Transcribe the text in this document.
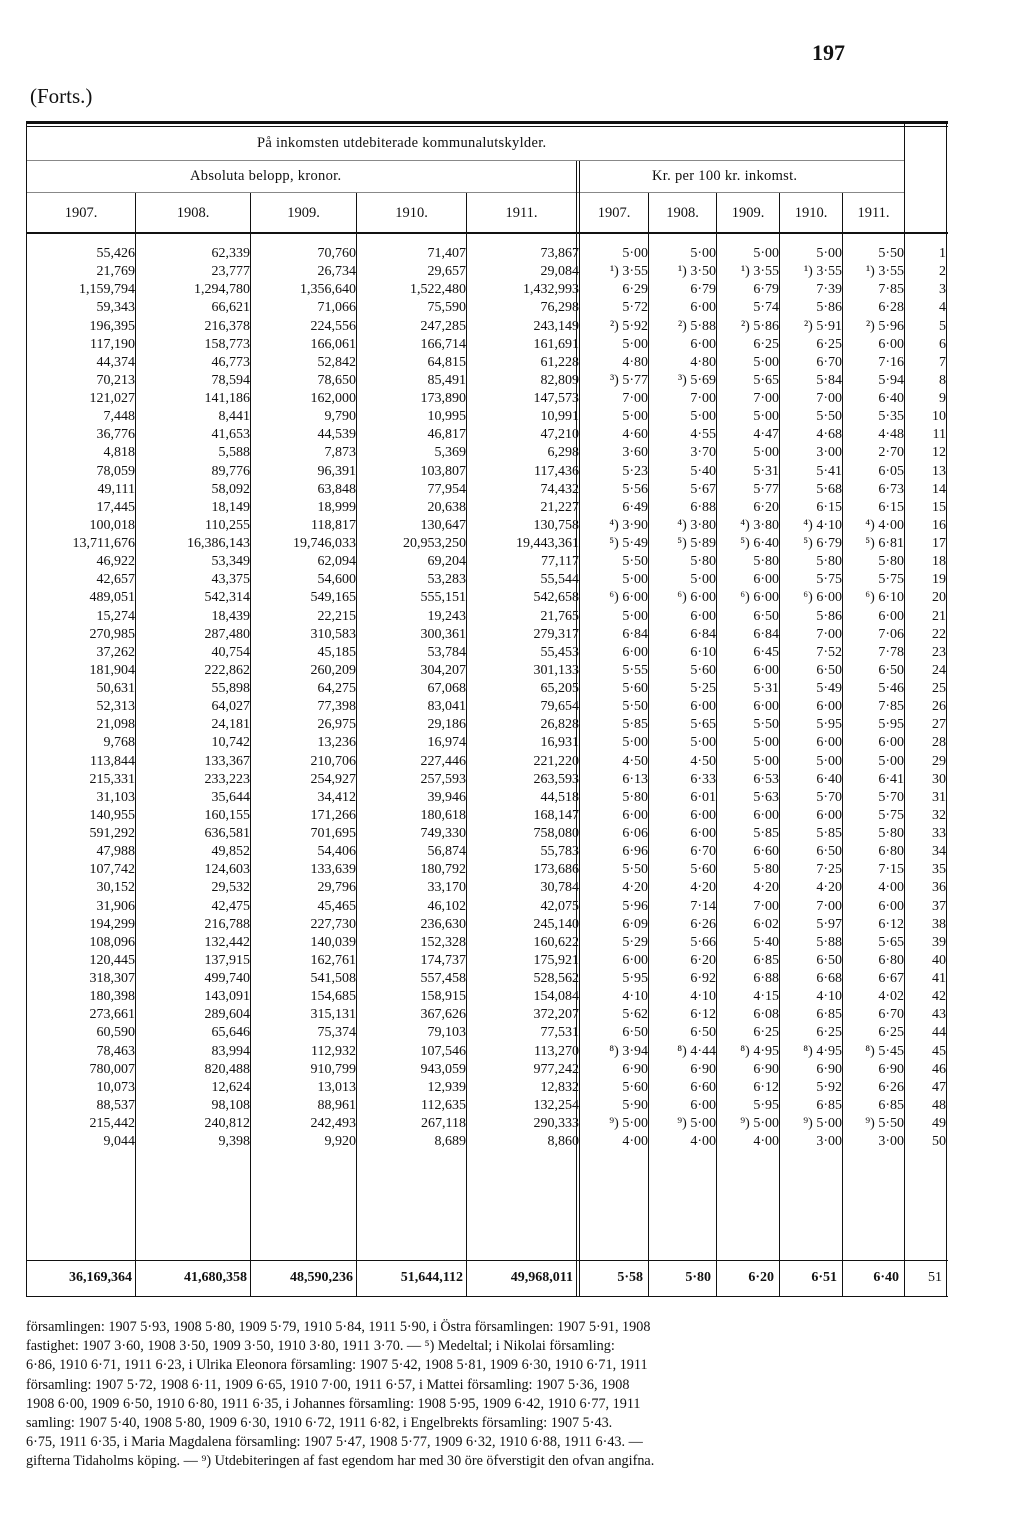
197
(Forts.)
På inkomsten utdebiterade kommunalutskylder.
Absoluta belopp, kronor.	Kr. per 100 kr. inkomst.
1907.	1908.	1909.	1910.	1911.	1907.	1908.	1909.	1910.	1911.
55,426	62,339	70,760	71,407	73,867	5·00	5·00	5·00	5·00	5·50	1
21,769	23,777	26,734	29,657	29,084	¹) 3·55	¹) 3·50	¹) 3·55	¹) 3·55	¹) 3·55	2
1,159,794	1,294,780	1,356,640	1,522,480	1,432,993	6·29	6·79	6·79	7·39	7·85	3
59,343	66,621	71,066	75,590	76,298	5·72	6·00	5·74	5·86	6·28	4
196,395	216,378	224,556	247,285	243,149	²) 5·92	²) 5·88	²) 5·86	²) 5·91	²) 5·96	5
117,190	158,773	166,061	166,714	161,691	5·00	6·00	6·25	6·25	6·00	6
44,374	46,773	52,842	64,815	61,228	4·80	4·80	5·00	6·70	7·16	7
70,213	78,594	78,650	85,491	82,809	³) 5·77	³) 5·69	5·65	5·84	5·94	8
121,027	141,186	162,000	173,890	147,573	7·00	7·00	7·00	7·00	6·40	9
7,448	8,441	9,790	10,995	10,991	5·00	5·00	5·00	5·50	5·35	10
36,776	41,653	44,539	46,817	47,210	4·60	4·55	4·47	4·68	4·48	11
4,818	5,588	7,873	5,369	6,298	3·60	3·70	5·00	3·00	2·70	12
78,059	89,776	96,391	103,807	117,436	5·23	5·40	5·31	5·41	6·05	13
49,111	58,092	63,848	77,954	74,432	5·56	5·67	5·77	5·68	6·73	14
17,445	18,149	18,999	20,638	21,227	6·49	6·88	6·20	6·15	6·15	15
100,018	110,255	118,817	130,647	130,758	⁴) 3·90	⁴) 3·80	⁴) 3·80	⁴) 4·10	⁴) 4·00	16
13,711,676	16,386,143	19,746,033	20,953,250	19,443,361	⁵) 5·49	⁵) 5·89	⁵) 6·40	⁵) 6·79	⁵) 6·81	17
46,922	53,349	62,094	69,204	77,117	5·50	5·80	5·80	5·80	5·80	18
42,657	43,375	54,600	53,283	55,544	5·00	5·00	6·00	5·75	5·75	19
489,051	542,314	549,165	555,151	542,658	⁶) 6·00	⁶) 6·00	⁶) 6·00	⁶) 6·00	⁶) 6·10	20
15,274	18,439	22,215	19,243	21,765	5·00	6·00	6·50	5·86	6·00	21
270,985	287,480	310,583	300,361	279,317	6·84	6·84	6·84	7·00	7·06	22
37,262	40,754	45,185	53,784	55,453	6·00	6·10	6·45	7·52	7·78	23
181,904	222,862	260,209	304,207	301,133	5·55	5·60	6·00	6·50	6·50	24
50,631	55,898	64,275	67,068	65,205	5·60	5·25	5·31	5·49	5·46	25
52,313	64,027	77,398	83,041	79,654	5·50	6·00	6·00	6·00	7·85	26
21,098	24,181	26,975	29,186	26,828	5·85	5·65	5·50	5·95	5·95	27
9,768	10,742	13,236	16,974	16,931	5·00	5·00	5·00	6·00	6·00	28
113,844	133,367	210,706	227,446	221,220	4·50	4·50	5·00	5·00	5·00	29
215,331	233,223	254,927	257,593	263,593	6·13	6·33	6·53	6·40	6·41	30
31,103	35,644	34,412	39,946	44,518	5·80	6·01	5·63	5·70	5·70	31
140,955	160,155	171,266	180,618	168,147	6·00	6·00	6·00	6·00	5·75	32
591,292	636,581	701,695	749,330	758,080	6·06	6·00	5·85	5·85	5·80	33
47,988	49,852	54,406	56,874	55,783	6·96	6·70	6·60	6·50	6·80	34
107,742	124,603	133,639	180,792	173,686	5·50	5·60	5·80	7·25	7·15	35
30,152	29,532	29,796	33,170	30,784	4·20	4·20	4·20	4·20	4·00	36
31,906	42,475	45,465	46,102	42,075	5·96	7·14	7·00	7·00	6·00	37
194,299	216,788	227,730	236,630	245,140	6·09	6·26	6·02	5·97	6·12	38
108,096	132,442	140,039	152,328	160,622	5·29	5·66	5·40	5·88	5·65	39
120,445	137,915	162,761	174,737	175,921	6·00	6·20	6·85	6·50	6·80	40
318,307	499,740	541,508	557,458	528,562	5·95	6·92	6·88	6·68	6·67	41
180,398	143,091	154,685	158,915	154,084	4·10	4·10	4·15	4·10	4·02	42
273,661	289,604	315,131	367,626	372,207	5·62	6·12	6·08	6·85	6·70	43
60,590	65,646	75,374	79,103	77,531	6·50	6·50	6·25	6·25	6·25	44
78,463	83,994	112,932	107,546	113,270	⁸) 3·94	⁸) 4·44	⁸) 4·95	⁸) 4·95	⁸) 5·45	45
780,007	820,488	910,799	943,059	977,242	6·90	6·90	6·90	6·90	6·90	46
10,073	12,624	13,013	12,939	12,832	5·60	6·60	6·12	5·92	6·26	47
88,537	98,108	88,961	112,635	132,254	5·90	6·00	5·95	6·85	6·85	48
215,442	240,812	242,493	267,118	290,333	⁹) 5·00	⁹) 5·00	⁹) 5·00	⁹) 5·00	⁹) 5·50	49
9,044	9,398	9,920	8,689	8,860	4·00	4·00	4·00	3·00	3·00	50
36,169,364	41,680,358	48,590,236	51,644,112	49,968,011	5·58	5·80	6·20	6·51	6·40	51
församlingen: 1907 5·93, 1908 5·80, 1909 5·79, 1910 5·84, 1911 5·90, i Östra församlingen: 1907 5·91, 1908
fastighet: 1907 3·60, 1908 3·50, 1909 3·50, 1910 3·80, 1911 3·70. — ⁵) Medeltal; i Nikolai församling:
6·86, 1910 6·71, 1911 6·23, i Ulrika Eleonora församling: 1907 5·42, 1908 5·81, 1909 6·30, 1910 6·71, 1911
församling: 1907 5·72, 1908 6·11, 1909 6·65, 1910 7·00, 1911 6·57, i Mattei församling: 1907 5·36, 1908
1908 6·00, 1909 6·50, 1910 6·80, 1911 6·35, i Johannes församling: 1908 5·95, 1909 6·42, 1910 6·77, 1911
samling: 1907 5·40, 1908 5·80, 1909 6·30, 1910 6·72, 1911 6·82, i Engelbrekts församling: 1907 5·43.
6·75, 1911 6·35, i Maria Magdalena församling: 1907 5·47, 1908 5·77, 1909 6·32, 1910 6·88, 1911 6·43. —
gifterna Tidaholms köping. — ⁹) Utdebiteringen af fast egendom har med 30 öre öfverstigit den ofvan angifna.
